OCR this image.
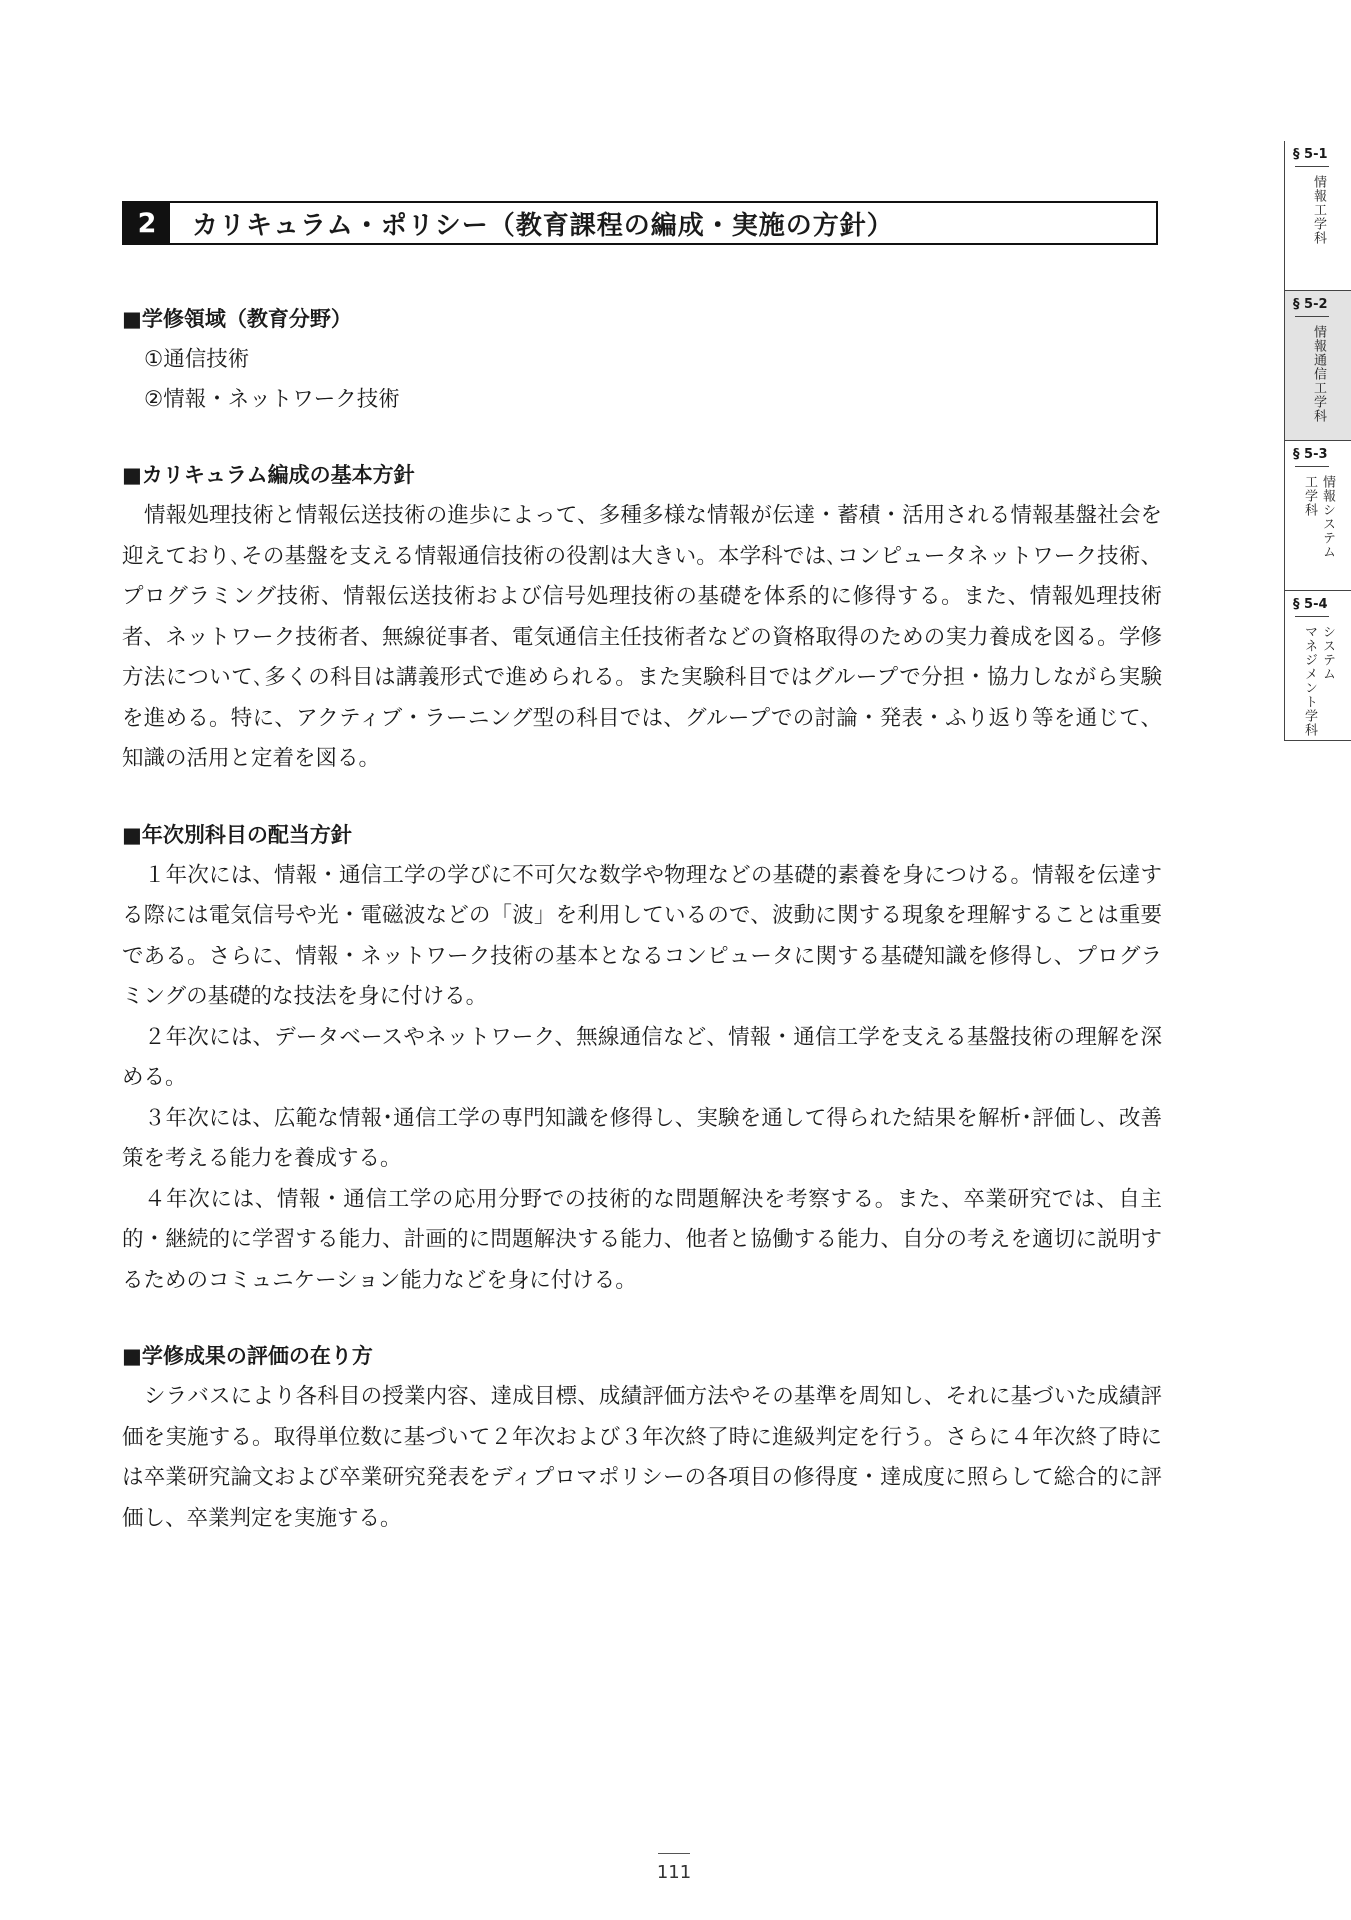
2	カリキュラム・ポリシー（教育課程の編成・実施の方針）
■学修領域（教育分野）
①通信技術
②情報・ネットワーク技術
■カリキュラム編成の基本方針

情報処理技術と情報伝送技術の進歩によって、多種多様な情報が伝達・蓄積・活用される情報基盤社会を迎えており､その基盤を支える情報通信技術の役割は大きい。本学科では､コンピュータネットワーク技術、プログラミング技術、情報伝送技術および信号処理技術の基礎を体系的に修得する。また、情報処理技術者、ネットワーク技術者、無線従事者、電気通信主任技術者などの資格取得のための実力養成を図る。学修方法について､多くの科目は講義形式で進められる。また実験科目ではグループで分担・協力しながら実験を進める。特に、アクティブ・ラーニング型の科目では、グループでの討論・発表・ふり返り等を通じて、知識の活用と定着を図る。

■年次別科目の配当方針

１年次には、情報・通信工学の学びに不可欠な数学や物理などの基礎的素養を身につける。情報を伝達する際には電気信号や光・電磁波などの「波」を利用しているので、波動に関する現象を理解することは重要である。さらに、情報・ネットワーク技術の基本となるコンピュータに関する基礎知識を修得し、プログラミングの基礎的な技法を身に付ける。

２年次には、データベースやネットワーク、無線通信など、情報・通信工学を支える基盤技術の理解を深める。

３年次には、広範な情報･通信工学の専門知識を修得し、実験を通して得られた結果を解析･評価し、改善策を考える能力を養成する。

４年次には、情報・通信工学の応用分野での技術的な問題解決を考察する。また、卒業研究では、自主的・継続的に学習する能力、計画的に問題解決する能力、他者と協働する能力、自分の考えを適切に説明するためのコミュニケーション能力などを身に付ける。

■学修成果の評価の在り方

シラバスにより各科目の授業内容、達成目標、成績評価方法やその基準を周知し、それに基づいた成績評価を実施する。取得単位数に基づいて２年次および３年次終了時に進級判定を行う。さらに４年次終了時には卒業研究論文および卒業研究発表をディプロマポリシーの各項目の修得度・達成度に照らして総合的に評価し、卒業判定を実施する。

§ 5-1
情報工学科
§ 5-2
情報通信工学科
§ 5-3
情報システム
工学科
§ 5-4
システム
マネジメント学科
111
